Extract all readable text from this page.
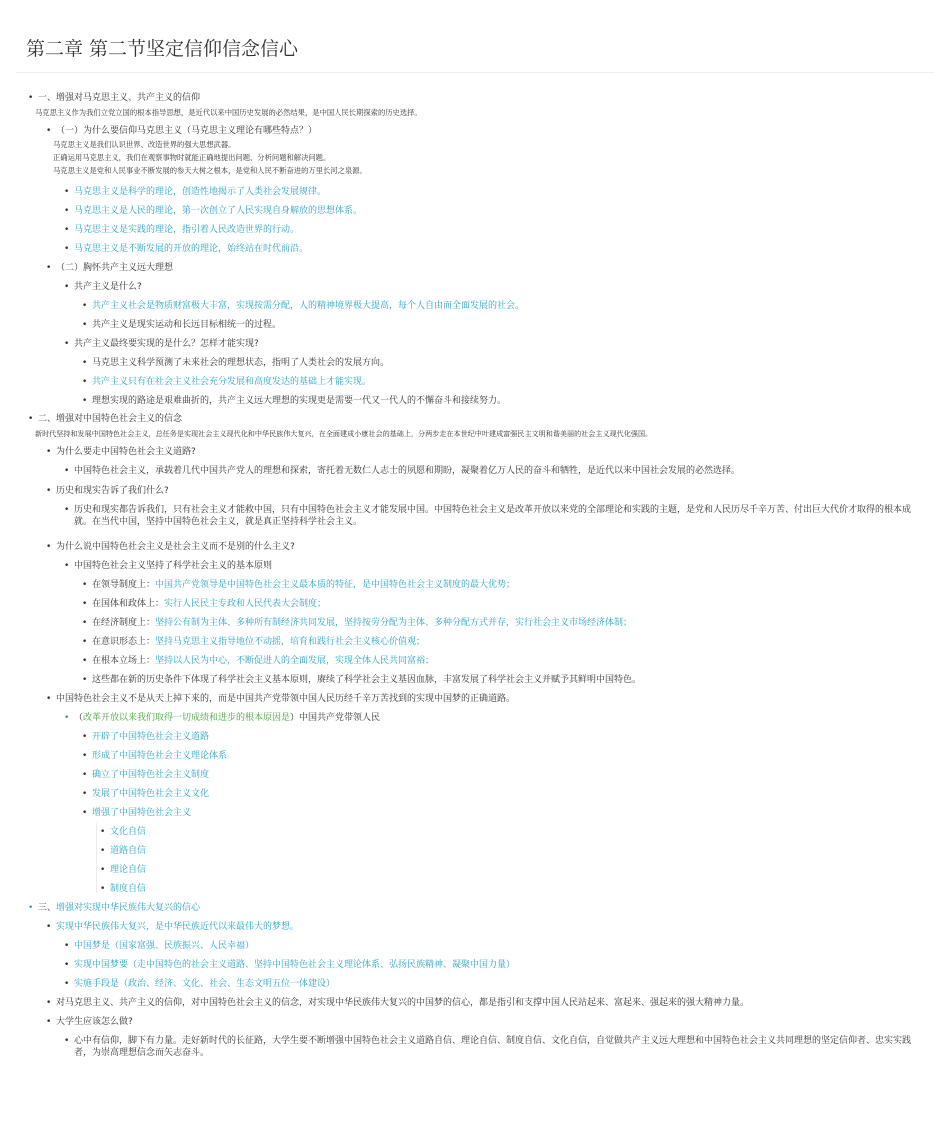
第二章 第二节坚定信仰信念信心
• 一、增强对马克思主义、共产主义的信仰
马克思主义作为我们立党立国的根本指导思想，是近代以来中国历史发展的必然结果，是中国人民长期探索的历史选择。
• （一）为什么要信仰马克思主义（马克思主义理论有哪些特点？）
马克思主义是我们认识世界、改造世界的强大思想武器。
正确运用马克思主义，我们在观察事物时就能正确地提出问题、分析问题和解决问题。
马克思主义是党和人民事业不断发展的参天大树之根本，是党和人民不断奋进的万里长河之泉源。
• 马克思主义是科学的理论，创造性地揭示了人类社会发展规律。
• 马克思主义是人民的理论，第一次创立了人民实现自身解放的思想体系。
• 马克思主义是实践的理论，指引着人民改造世界的行动。
• 马克思主义是不断发展的开放的理论，始终站在时代前沿。
• （二）胸怀共产主义远大理想
• 共产主义是什么?
• 共产主义社会是物质财富极大丰富，实现按需分配，人的精神境界极大提高，每个人自由而全面发展的社会。
• 共产主义是现实运动和长远目标相统一的过程。
• 共产主义最终要实现的是什么？怎样才能实现?
• 马克思主义科学预测了未来社会的理想状态，指明了人类社会的发展方向。
• 共产主义只有在社会主义社会充分发展和高度发达的基础上才能实现。
• 理想实现的路途是艰难曲折的，共产主义远大理想的实现更是需要一代又一代人的不懈奋斗和接续努力。
• 二、增强对中国特色社会主义的信念
新时代坚持和发展中国特色社会主义，总任务是实现社会主义现代化和中华民族伟大复兴，在全面建成小康社会的基础上，分两步走在本世纪中叶建成富强民主文明和谐美丽的社会主义现代化强国。
• 为什么要走中国特色社会主义道路?
• 中国特色社会主义，承载着几代中国共产党人的理想和探索，寄托着无数仁人志士的夙愿和期盼，凝聚着亿万人民的奋斗和牺牲，是近代以来中国社会发展的必然选择。
• 历史和现实告诉了我们什么?
• 历史和现实都告诉我们，只有社会主义才能救中国，只有中国特色社会主义才能发展中国。中国特色社会主义是改革开放以来党的全部理论和实践的主题，是党和人民历尽千辛万苦、付出巨大代价才取得的根本成就。在当代中国，坚持中国特色社会主义，就是真正坚持科学社会主义。
• 为什么说中国特色社会主义是社会主义而不是别的什么主义?
• 中国特色社会主义坚持了科学社会主义的基本原则
• 在领导制度上：中国共产党领导是中国特色社会主义最本质的特征，是中国特色社会主义制度的最大优势；
• 在国体和政体上：实行人民民主专政和人民代表大会制度；
• 在经济制度上：坚持公有制为主体、多种所有制经济共同发展，坚持按劳分配为主体、多种分配方式并存，实行社会主义市场经济体制；
• 在意识形态上：坚持马克思主义指导地位不动摇，培育和践行社会主义核心价值观；
• 在根本立场上：坚持以人民为中心，不断促进人的全面发展，实现全体人民共同富裕；
• 这些都在新的历史条件下体现了科学社会主义基本原则，赓续了科学社会主义基因血脉，丰富发展了科学社会主义并赋予其鲜明中国特色。
• 中国特色社会主义不是从天上掉下来的，而是中国共产党带领中国人民历经千辛万苦找到的实现中国梦的正确道路。
• （改革开放以来我们取得一切成绩和进步的根本原因是）中国共产党带领人民
• 开辟了中国特色社会主义道路
• 形成了中国特色社会主义理论体系
• 确立了中国特色社会主义制度
• 发展了中国特色社会主义文化
• 增强了中国特色社会主义
• 文化自信
• 道路自信
• 理论自信
• 制度自信
• 三、增强对实现中华民族伟大复兴的信心
• 实现中华民族伟大复兴，是中华民族近代以来最伟大的梦想。
• 中国梦是（国家富强、民族振兴、人民幸福）
• 实现中国梦要（走中国特色的社会主义道路、坚持中国特色社会主义理论体系、弘扬民族精神、凝聚中国力量）
• 实施手段是（政治、经济、文化、社会、生态文明五位一体建设）
• 对马克思主义、共产主义的信仰，对中国特色社会主义的信念，对实现中华民族伟大复兴的中国梦的信心，都是指引和支撑中国人民站起来、富起来、强起来的强大精神力量。
• 大学生应该怎么做?
• 心中有信仰，脚下有力量。走好新时代的长征路，大学生要不断增强中国特色社会主义道路自信、理论自信、制度自信、文化自信，自觉做共产主义远大理想和中国特色社会主义共同理想的坚定信仰者、忠实实践者，为崇高理想信念而矢志奋斗。
